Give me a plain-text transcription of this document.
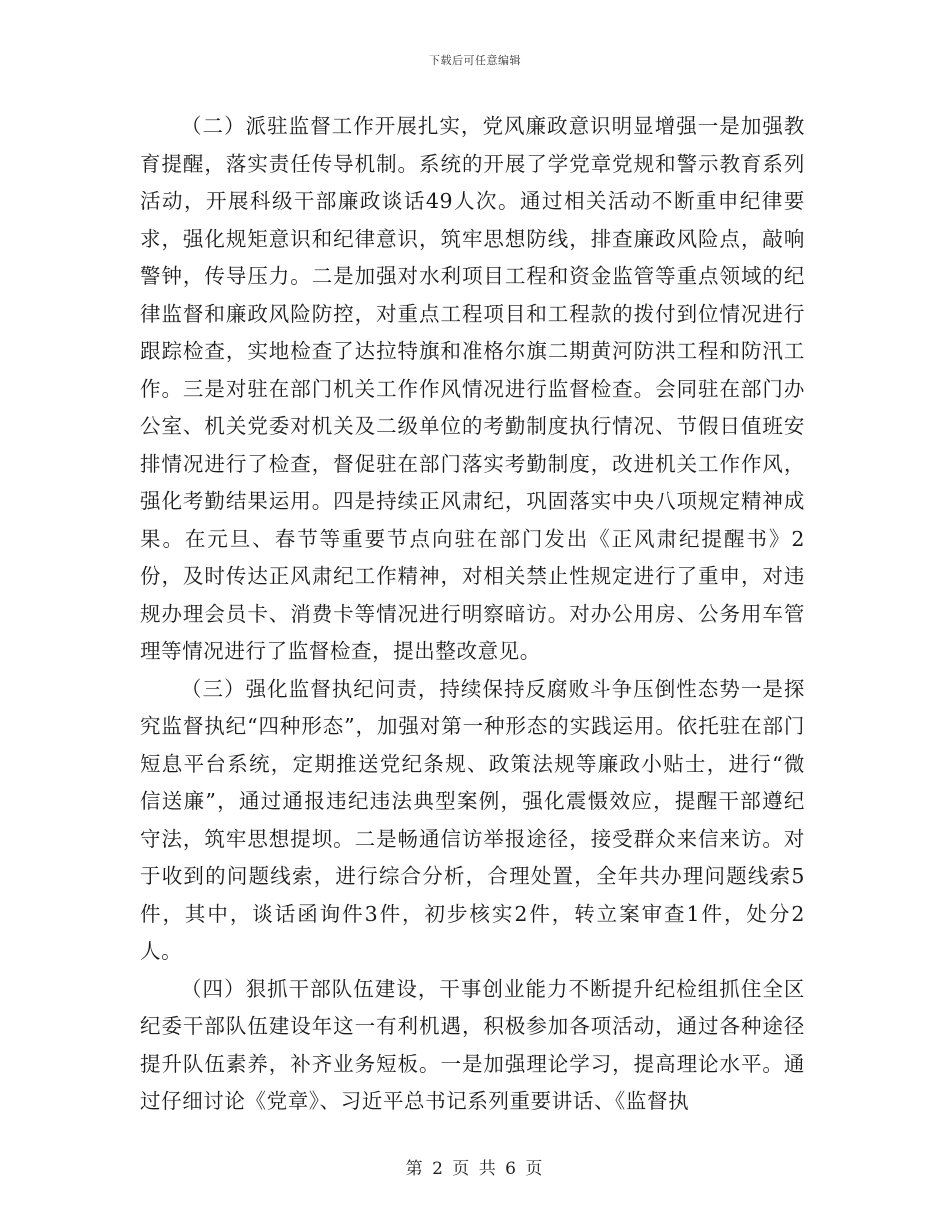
下载后可任意编辑

（二）派驻监督工作开展扎实，党风廉政意识明显增强一是加强教育提醒，落实责任传导机制。系统的开展了学党章党规和警示教育系列活动，开展科级干部廉政谈话49人次。通过相关活动不断重申纪律要求，强化规矩意识和纪律意识，筑牢思想防线，排查廉政风险点，敲响警钟，传导压力。二是加强对水利项目工程和资金监管等重点领域的纪律监督和廉政风险防控，对重点工程项目和工程款的拨付到位情况进行跟踪检查，实地检查了达拉特旗和准格尔旗二期黄河防洪工程和防汛工作。三是对驻在部门机关工作作风情况进行监督检查。会同驻在部门办公室、机关党委对机关及二级单位的考勤制度执行情况、节假日值班安排情况进行了检查，督促驻在部门落实考勤制度，改进机关工作作风，强化考勤结果运用。四是持续正风肃纪，巩固落实中央八项规定精神成果。在元旦、春节等重要节点向驻在部门发出《正风肃纪提醒书》2份，及时传达正风肃纪工作精神，对相关禁止性规定进行了重申，对违规办理会员卡、消费卡等情况进行明察暗访。对办公用房、公务用车管理等情况进行了监督检查，提出整改意见。

（三）强化监督执纪问责，持续保持反腐败斗争压倒性态势一是探究监督执纪“四种形态”，加强对第一种形态的实践运用。依托驻在部门短息平台系统，定期推送党纪条规、政策法规等廉政小贴士，进行“微信送廉”，通过通报违纪违法典型案例，强化震慑效应，提醒干部遵纪守法，筑牢思想提坝。二是畅通信访举报途径，接受群众来信来访。对于收到的问题线索，进行综合分析，合理处置，全年共办理问题线索5件，其中，谈话函询件3件，初步核实2件，转立案审查1件，处分2人。

（四）狠抓干部队伍建设，干事创业能力不断提升纪检组抓住全区纪委干部队伍建设年这一有利机遇，积极参加各项活动，通过各种途径提升队伍素养，补齐业务短板。一是加强理论学习，提高理论水平。通过仔细讨论《党章》、习近平总书记系列重要讲话、《监督执

第 2 页 共 6 页
